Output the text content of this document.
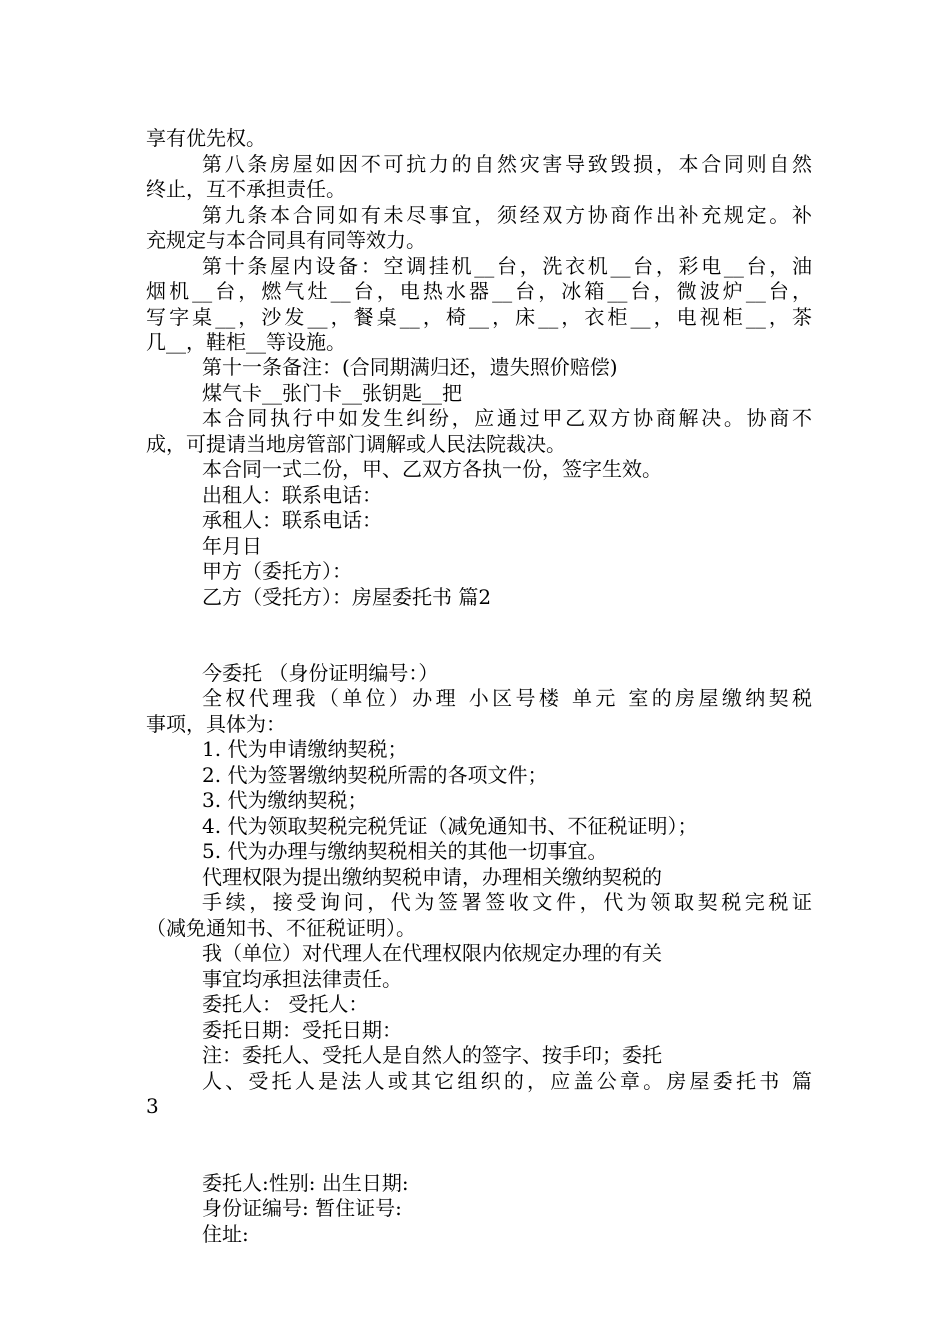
享有优先权。
第八条房屋如因不可抗力的自然灾害导致毁损，本合同则自然
终止，互不承担责任。
第九条本合同如有未尽事宜，须经双方协商作出补充规定。补
充规定与本合同具有同等效力。
第十条屋内设备：空调挂机__台，洗衣机__台，彩电__台，油
烟机__台，燃气灶__台，电热水器__台，冰箱__台，微波炉__台，
写字桌__，沙发__，餐桌__，椅__，床__，衣柜__，电视柜__，茶
几__，鞋柜__等设施。
第十一条备注：(合同期满归还，遗失照价赔偿)
煤气卡__张门卡__张钥匙__把
本合同执行中如发生纠纷，应通过甲乙双方协商解决。协商不
成，可提请当地房管部门调解或人民法院裁决。
本合同一式二份，甲、乙双方各执一份，签字生效。
出租人：联系电话：
承租人：联系电话：
年月日
甲方（委托方）：
乙方（受托方）：房屋委托书 篇2
今委托 （身份证明编号：）
全权代理我（单位）办理 小区号楼 单元 室的房屋缴纳契税
事项，具体为：
1. 代为申请缴纳契税；
2. 代为签署缴纳契税所需的各项文件；
3. 代为缴纳契税；
4. 代为领取契税完税凭证（减免通知书、不征税证明）；
5. 代为办理与缴纳契税相关的其他一切事宜。
代理权限为提出缴纳契税申请，办理相关缴纳契税的
手续，接受询问，代为签署签收文件，代为领取契税完税证
（减免通知书、不征税证明）。
我（单位）对代理人在代理权限内依规定办理的有关
事宜均承担法律责任。
委托人： 受托人：
委托日期：受托日期：
注：委托人、受托人是自然人的签字、按手印；委托
人、受托人是法人或其它组织的，应盖公章。房屋委托书 篇
3
委托人:性别: 出生日期:
身份证编号: 暂住证号:
住址:
